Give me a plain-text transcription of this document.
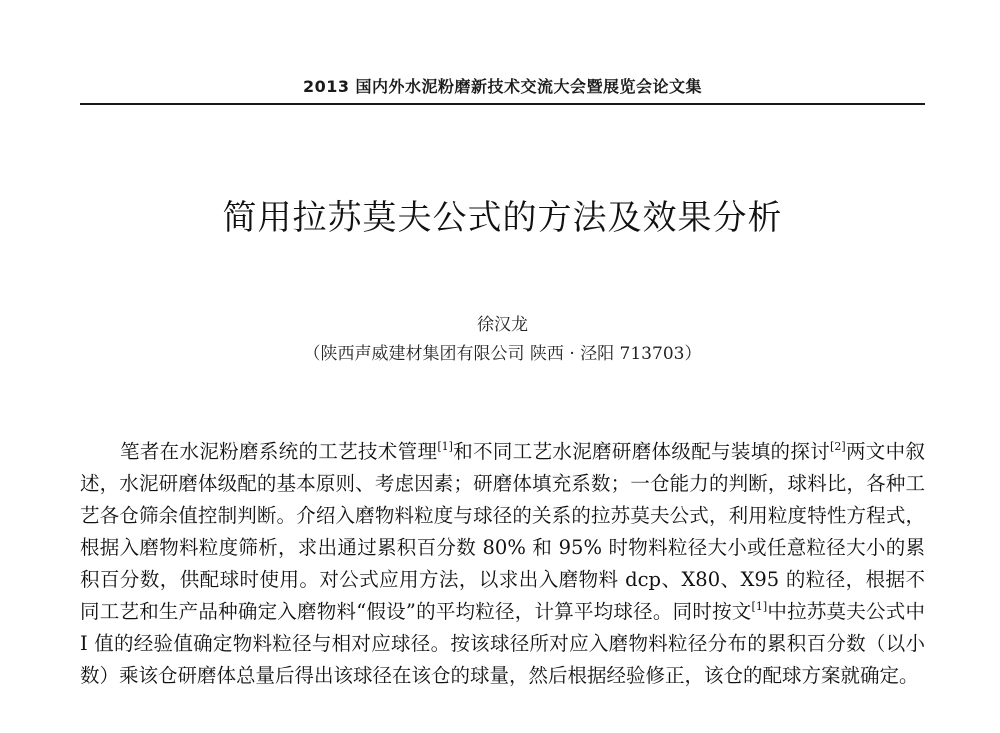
2013 国内外水泥粉磨新技术交流大会暨展览会论文集
简用拉苏莫夫公式的方法及效果分析
徐汉龙
（陕西声威建材集团有限公司 陕西 · 泾阳 713703）

笔者在水泥粉磨系统的工艺技术管理[1]和不同工艺水泥磨研磨体级配与装填的探讨[2]两文中叙述，水泥研磨体级配的基本原则、考虑因素；研磨体填充系数；一仓能力的判断，球料比，各种工艺各仓筛余值控制判断。介绍入磨物料粒度与球径的关系的拉苏莫夫公式，利用粒度特性方程式，根据入磨物料粒度筛析，求出通过累积百分数 80% 和 95% 时物料粒径大小或任意粒径大小的累积百分数，供配球时使用。对公式应用方法，以求出入磨物料 dcp、X80、X95 的粒径，根据不同工艺和生产品种确定入磨物料“假设”的平均粒径，计算平均球径。同时按文[1]中拉苏莫夫公式中 I 值的经验值确定物料粒径与相对应球径。按该球径所对应入磨物料粒径分布的累积百分数（以小数）乘该仓研磨体总量后得出该球径在该仓的球量，然后根据经验修正，该仓的配球方案就确定。
